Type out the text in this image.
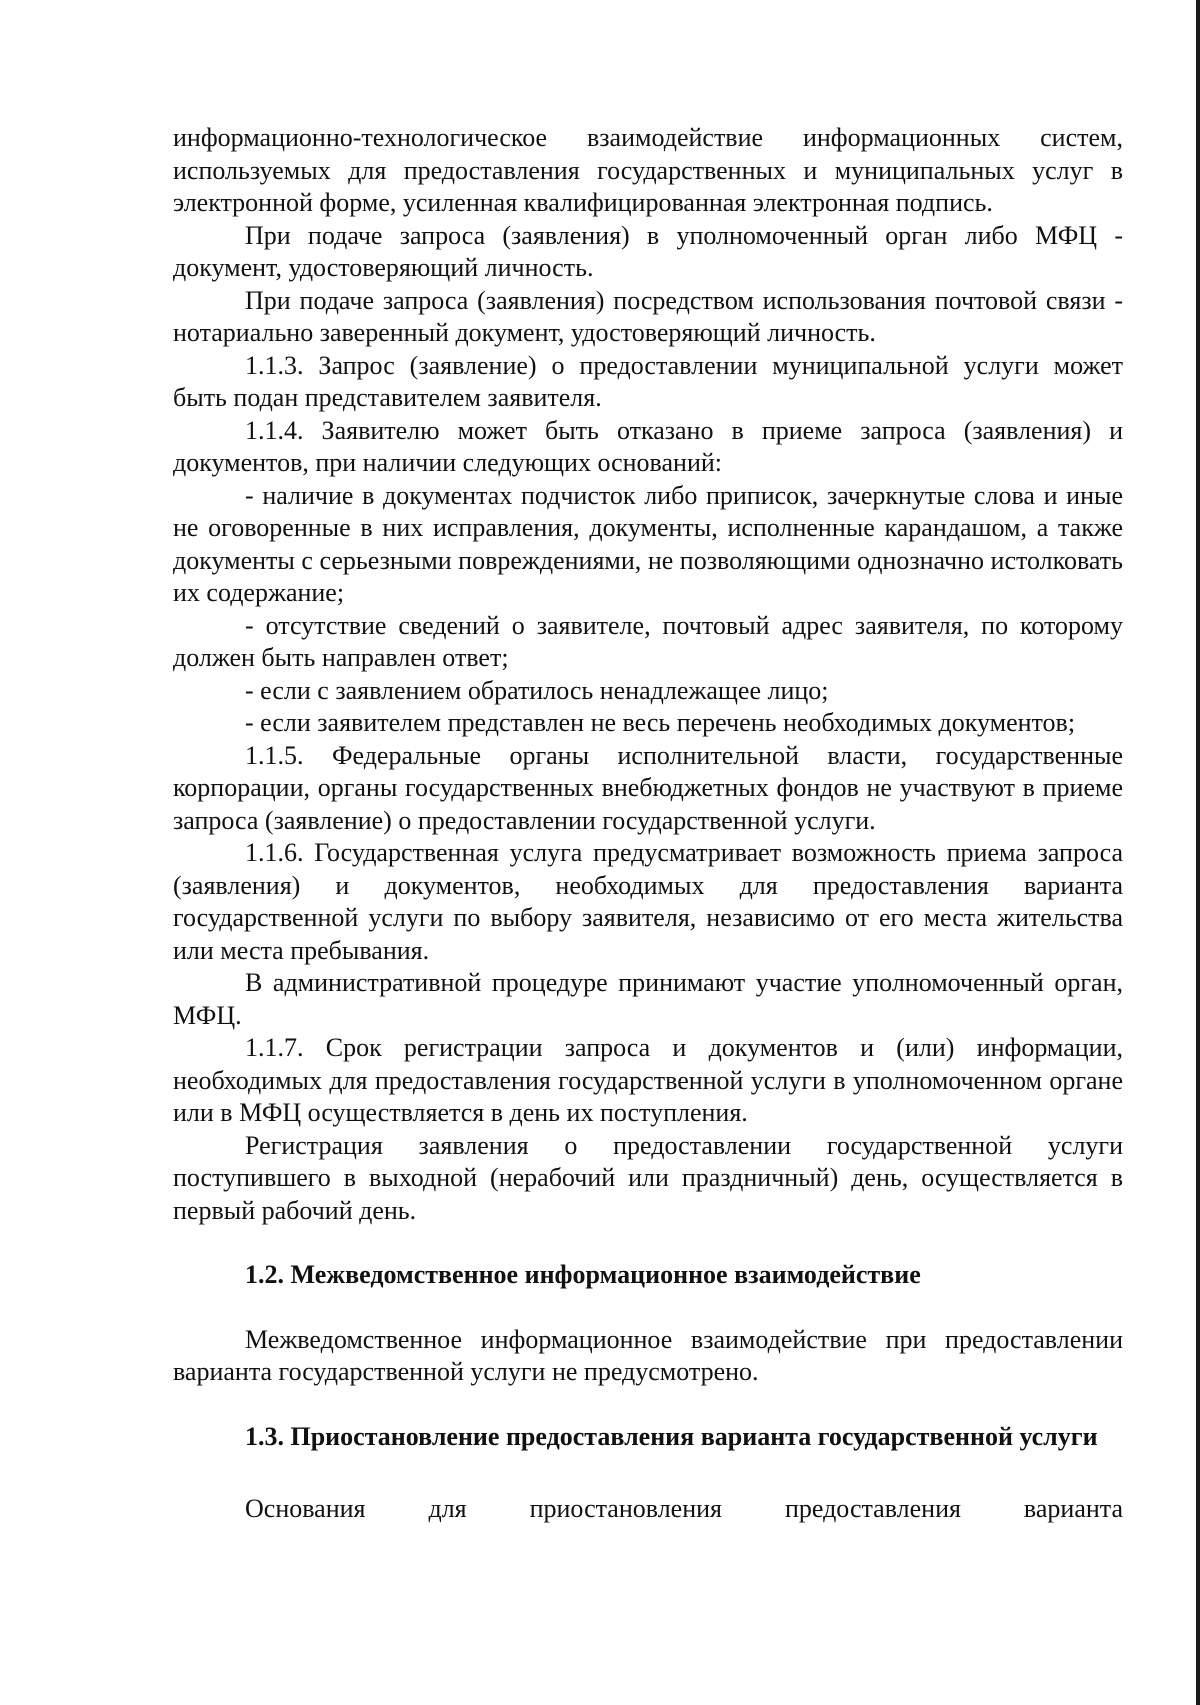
информационно-технологическое взаимодействие информационных систем, используемых для предоставления государственных и муниципальных услуг в электронной форме, усиленная квалифицированная электронная подпись.

При подаче запроса (заявления) в уполномоченный орган либо МФЦ - документ, удостоверяющий личность.

При подаче запроса (заявления) посредством использования почтовой связи - нотариально заверенный документ, удостоверяющий личность.

1.1.3. Запрос (заявление) о предоставлении муниципальной услуги может быть подан представителем заявителя.

1.1.4. Заявителю может быть отказано в приеме запроса (заявления) и документов, при наличии следующих оснований:

- наличие в документах подчисток либо приписок, зачеркнутые слова и иные не оговоренные в них исправления, документы, исполненные карандашом, а также документы с серьезными повреждениями, не позволяющими однозначно истолковать их содержание;

- отсутствие сведений о заявителе, почтовый адрес заявителя, по которому должен быть направлен ответ;

- если с заявлением обратилось ненадлежащее лицо;

- если заявителем представлен не весь перечень необходимых документов;

1.1.5. Федеральные органы исполнительной власти, государственные корпорации, органы государственных внебюджетных фондов не участвуют в приеме запроса (заявление) о предоставлении государственной услуги.

1.1.6. Государственная услуга предусматривает возможность приема запроса (заявления) и документов, необходимых для предоставления варианта государственной услуги по выбору заявителя, независимо от его места жительства или места пребывания.

В административной процедуре принимают участие уполномоченный орган, МФЦ.

1.1.7. Срок регистрации запроса и документов и (или) информации, необходимых для предоставления государственной услуги в уполномоченном органе или в МФЦ осуществляется в день их поступления.

Регистрация заявления о предоставлении государственной услуги поступившего в выходной (нерабочий или праздничный) день, осуществляется в первый рабочий день.

1.2. Межведомственное информационное взаимодействие

Межведомственное информационное взаимодействие при предоставлении варианта государственной услуги не предусмотрено.

1.3. Приостановление предоставления варианта государственной услуги

Основания для приостановления предоставления варианта
